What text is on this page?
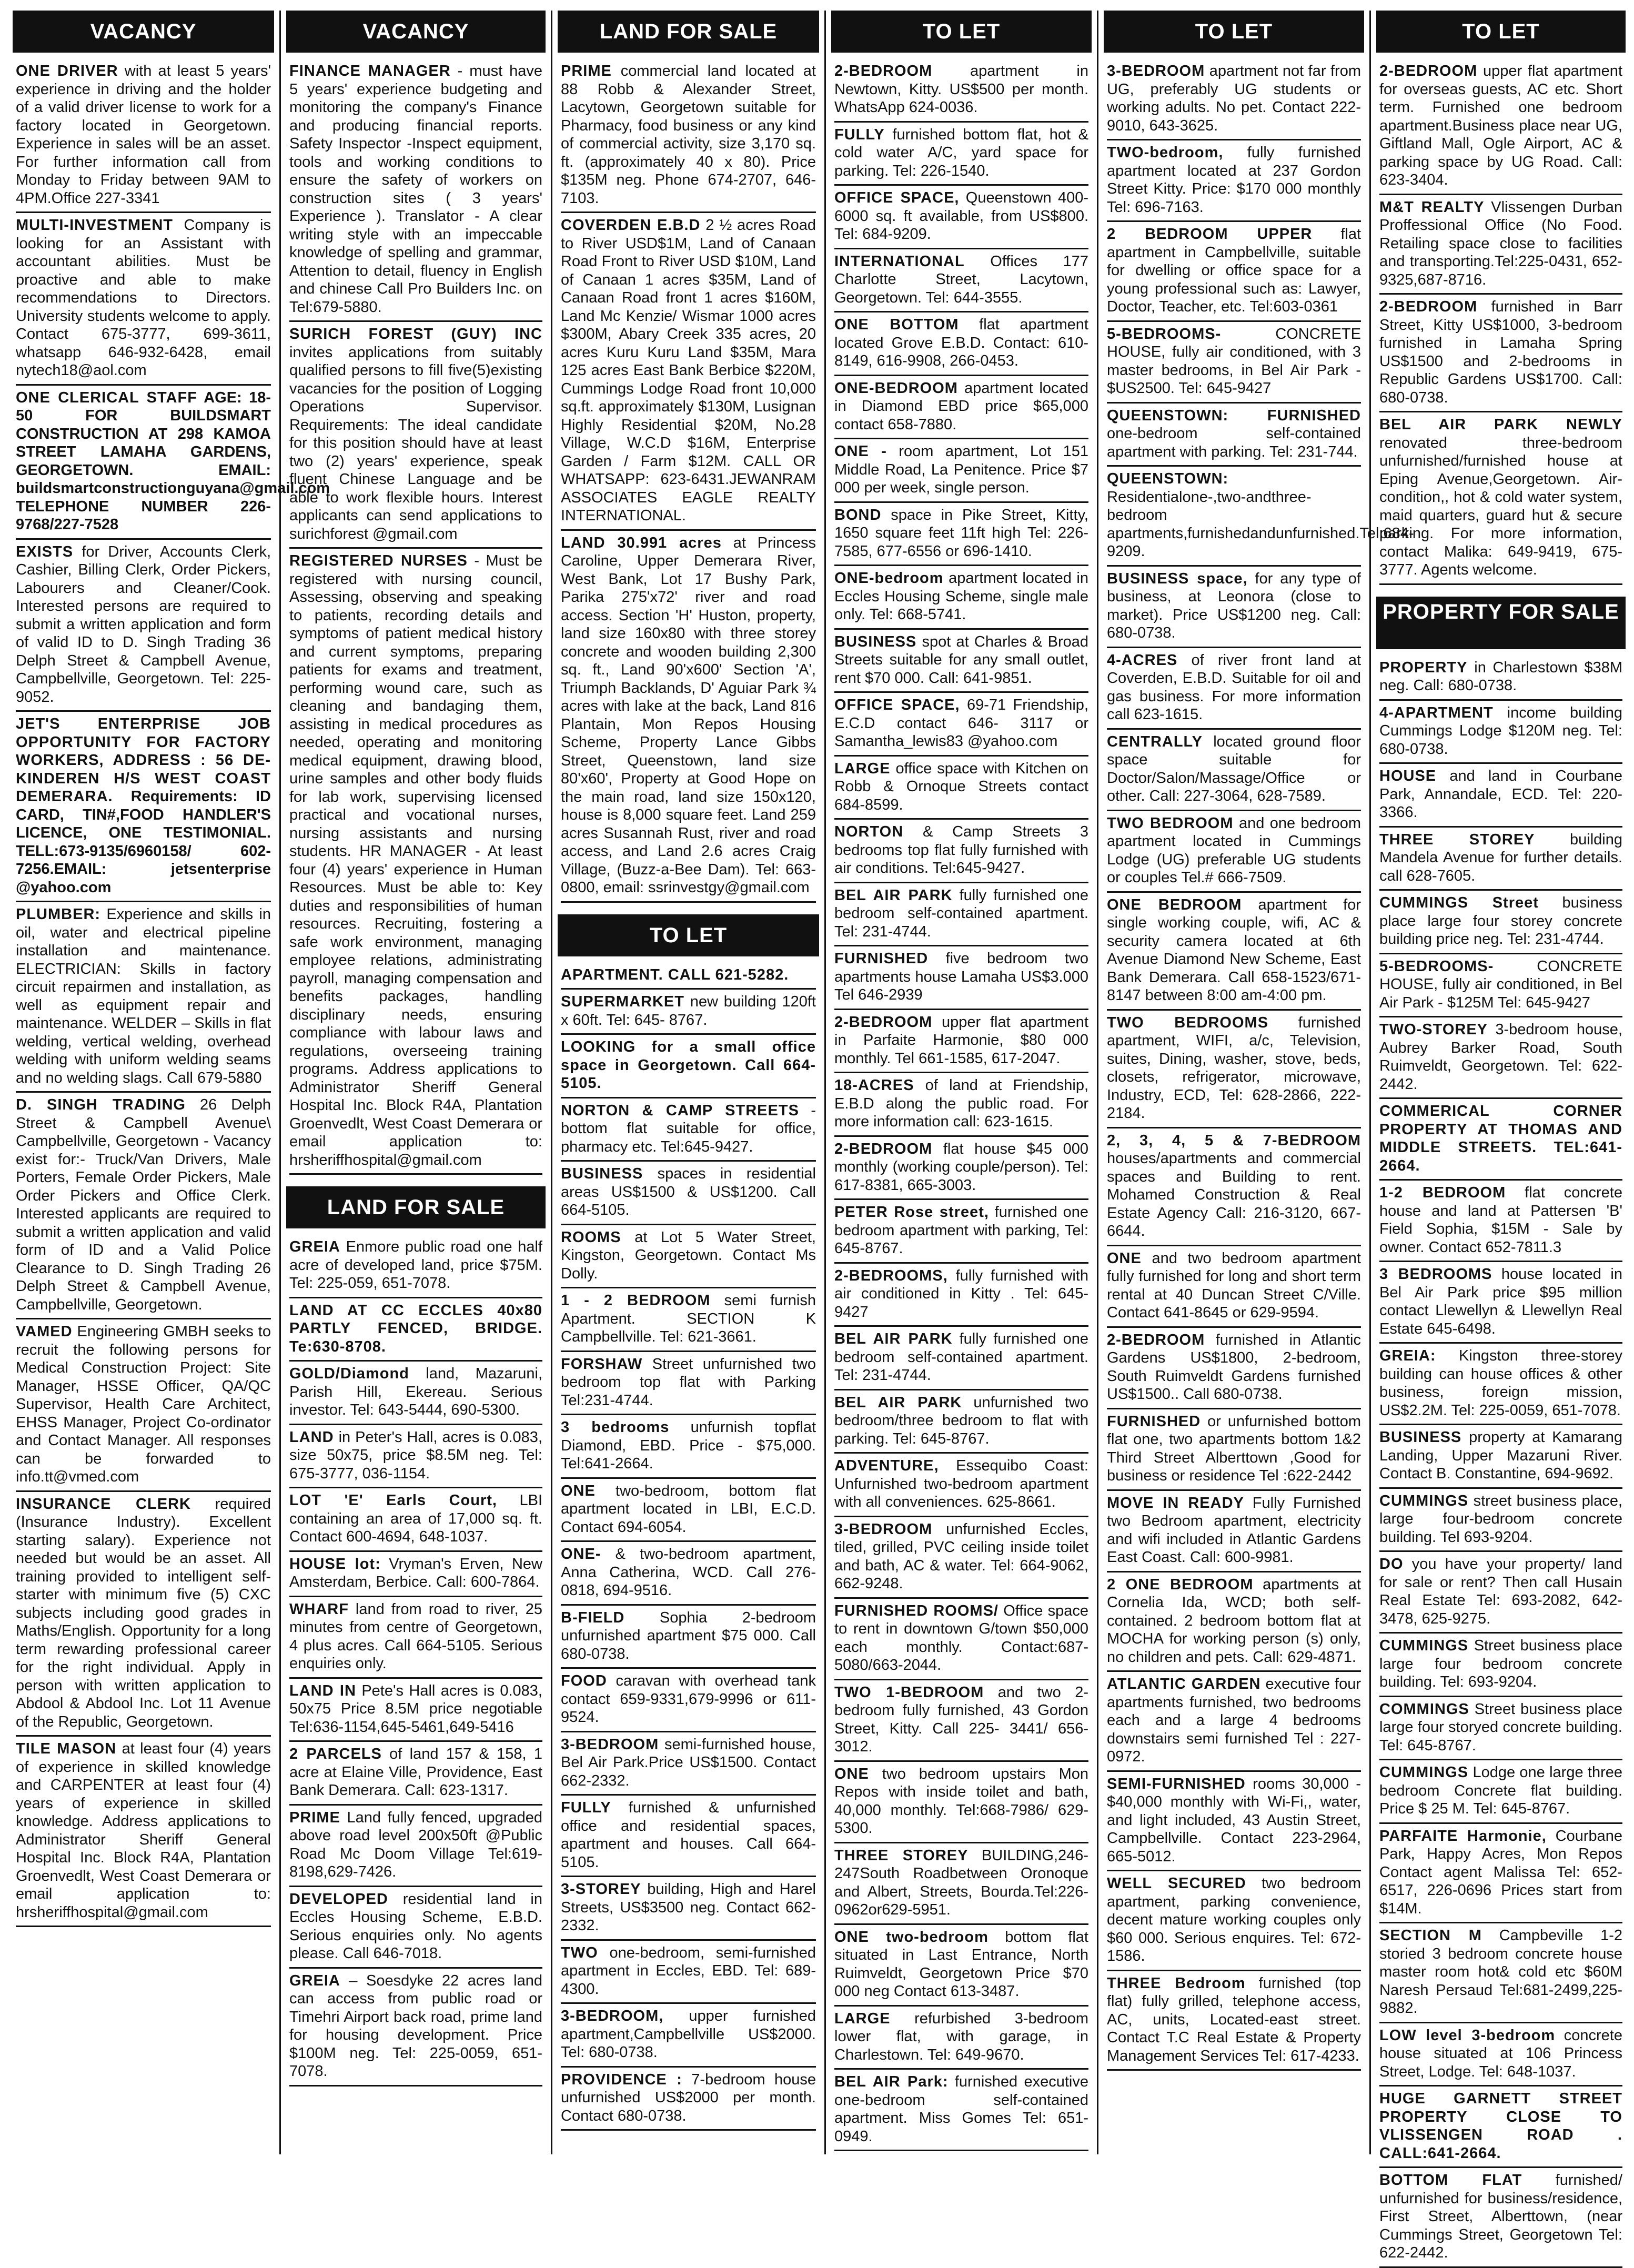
VACANCY
ONE DRIVER with at least 5 years' experience in driving and the holder of a valid driver license to work for a factory located in Georgetown. Experience in sales will be an asset. For further information call from Monday to Friday between 9AM to 4PM.Office 227-3341
MULTI-INVESTMENT Company is looking for an Assistant with accountant abilities. Must be proactive and able to make recommendations to Directors. University students welcome to apply. Contact 675-3777, 699-3611, whatsapp 646-932-6428, email nytech18@aol.com
ONE CLERICAL STAFF AGE: 18-50 FOR BUILDSMART CONSTRUCTION AT 298 KAMOA STREET LAMAHA GARDENS, GEORGETOWN. EMAIL: buildsmartconstructionguyana@gmail.com TELEPHONE NUMBER 226-9768/227-7528
EXISTS for Driver, Accounts Clerk, Cashier, Billing Clerk, Order Pickers, Labourers and Cleaner/Cook. Interested persons are required to submit a written application and form of valid ID to D. Singh Trading 36 Delph Street & Campbell Avenue, Campbellville, Georgetown. Tel: 225-9052.
JET'S ENTERPRISE JOB OPPORTUNITY FOR FACTORY WORKERS, ADDRESS : 56 DE-KINDEREN H/S WEST COAST DEMERARA. Requirements: ID CARD, TIN#,FOOD HANDLER'S LICENCE, ONE TESTIMONIAL. TELL:673-9135/6960158/ 602-7256.EMAIL: jetsenterprise @yahoo.com
PLUMBER: Experience and skills in oil, water and electrical pipeline installation and maintenance. ELECTRICIAN: Skills in factory circuit repairmen and installation, as well as equipment repair and maintenance. WELDER – Skills in flat welding, vertical welding, overhead welding with uniform welding seams and no welding slags. Call 679-5880
D. SINGH TRADING 26 Delph Street & Campbell Avenue\ Campbellville, Georgetown - Vacancy exist for:- Truck/Van Drivers, Male Porters, Female Order Pickers, Male Order Pickers and Office Clerk. Interested applicants are required to submit a written application and valid form of ID and a Valid Police Clearance to D. Singh Trading 26 Delph Street & Campbell Avenue, Campbellville, Georgetown.
VAMED Engineering GMBH seeks to recruit the following persons for Medical Construction Project: Site Manager, HSSE Officer, QA/QC Supervisor, Health Care Architect, EHSS Manager, Project Co-ordinator and Contact Manager. All responses can be forwarded to info.tt@vmed.com
INSURANCE CLERK required (Insurance Industry). Excellent starting salary). Experience not needed but would be an asset. All training provided to intelligent self-starter with minimum five (5) CXC subjects including good grades in Maths/English. Opportunity for a long term rewarding professional career for the right individual. Apply in person with written application to Abdool & Abdool Inc. Lot 11 Avenue of the Republic, Georgetown.
TILE MASON at least four (4) years of experience in skilled knowledge and CARPENTER at least four (4) years of experience in skilled knowledge. Address applications to Administrator Sheriff General Hospital Inc. Block R4A, Plantation Groenvedlt, West Coast Demerara or email application to: hrsheriffhospital@gmail.com
VACANCY
FINANCE MANAGER - must have 5 years' experience budgeting and monitoring the company's Finance and producing financial reports. Safety Inspector -Inspect equipment, tools and working conditions to ensure the safety of workers on construction sites ( 3 years' Experience ). Translator - A clear writing style with an impeccable knowledge of spelling and grammar, Attention to detail, fluency in English and chinese Call Pro Builders Inc. on Tel:679-5880.
SURICH FOREST (GUY) INC invites applications from suitably qualified persons to fill five(5)existing vacancies for the position of Logging Operations Supervisor. Requirements: The ideal candidate for this position should have at least two (2) years' experience, speak fluent Chinese Language and be able to work flexible hours. Interest applicants can send applications to surichforest @gmail.com
REGISTERED NURSES - Must be registered with nursing council, Assessing, observing and speaking to patients, recording details and symptoms of patient medical history and current symptoms, preparing patients for exams and treatment, performing wound care, such as cleaning and bandaging them, assisting in medical procedures as needed, operating and monitoring medical equipment, drawing blood, urine samples and other body fluids for lab work, supervising licensed practical and vocational nurses, nursing assistants and nursing students. HR MANAGER - At least four (4) years' experience in Human Resources. Must be able to: Key duties and responsibilities of human resources. Recruiting, fostering a safe work environment, managing employee relations, administrating payroll, managing compensation and benefits packages, handling disciplinary needs, ensuring compliance with labour laws and regulations, overseeing training programs. Address applications to Administrator Sheriff General Hospital Inc. Block R4A, Plantation Groenvedlt, West Coast Demerara or email application to: hrsheriffhospital@gmail.com
LAND FOR SALE
GREIA Enmore public road one half acre of developed land, price $75M. Tel: 225-059, 651-7078.
LAND AT CC ECCLES 40x80 PARTLY FENCED, BRIDGE. Te:630-8708.
GOLD/Diamond land, Mazaruni, Parish Hill, Ekereau. Serious investor. Tel: 643-5444, 690-5300.
LAND in Peter's Hall, acres is 0.083, size 50x75, price $8.5M neg. Tel: 675-3777, 036-1154.
LOT 'E' Earls Court, LBI containing an area of 17,000 sq. ft. Contact 600-4694, 648-1037.
HOUSE lot: Vryman's Erven, New Amsterdam, Berbice. Call: 600-7864.
WHARF land from road to river, 25 minutes from centre of Georgetown, 4 plus acres. Call 664-5105. Serious enquiries only.
LAND IN Pete's Hall acres is 0.083, 50x75 Price 8.5M price negotiable Tel:636-1154,645-5461,649-5416
2 PARCELS of land 157 & 158, 1 acre at Elaine Ville, Providence, East Bank Demerara. Call: 623-1317.
PRIME Land fully fenced, upgraded above road level 200x50ft @Public Road Mc Doom Village Tel:619-8198,629-7426.
DEVELOPED residential land in Eccles Housing Scheme, E.B.D. Serious enquiries only. No agents please. Call 646-7018.
GREIA – Soesdyke 22 acres land can access from public road or Timehri Airport back road, prime land for housing development. Price $100M neg. Tel: 225-0059, 651-7078.
LAND FOR SALE
PRIME commercial land located at 88 Robb & Alexander Street, Lacytown, Georgetown suitable for Pharmacy, food business or any kind of commercial activity, size 3,170 sq. ft. (approximately 40 x 80). Price $135M neg. Phone 674-2707, 646-7103.
COVERDEN E.B.D 2 ½ acres Road to River USD$1M, Land of Canaan Road Front to River USD $10M, Land of Canaan 1 acres $35M, Land of Canaan Road front 1 acres $160M, Land Mc Kenzie/ Wismar 1000 acres $300M, Abary Creek 335 acres, 20 acres Kuru Kuru Land $35M, Mara 125 acres East Bank Berbice $220M, Cummings Lodge Road front 10,000 sq.ft. approximately $130M, Lusignan Highly Residential $20M, No.28 Village, W.C.D $16M, Enterprise Garden / Farm $12M. CALL OR WHATSAPP: 623-6431.JEWANRAM ASSOCIATES EAGLE REALTY INTERNATIONAL.
LAND 30.991 acres at Princess Caroline, Upper Demerara River, West Bank, Lot 17 Bushy Park, Parika 275'x72' river and road access. Section 'H' Huston, property, land size 160x80 with three storey concrete and wooden building 2,300 sq. ft., Land 90'x600' Section 'A', Triumph Backlands, D' Aguiar Park ¾ acres with lake at the back, Land 816 Plantain, Mon Repos Housing Scheme, Property Lance Gibbs Street, Queenstown, land size 80'x60', Property at Good Hope on the main road, land size 150x120, house is 8,000 square feet. Land 259 acres Susannah Rust, river and road access, and Land 2.6 acres Craig Village, (Buzz-a-Bee Dam). Tel: 663-0800, email: ssrinvestgy@gmail.com
TO LET
APARTMENT. CALL 621-5282.
SUPERMARKET new building 120ft x 60ft. Tel: 645- 8767.
LOOKING for a small office space in Georgetown. Call 664-5105.
NORTON & CAMP STREETS - bottom flat suitable for office, pharmacy etc. Tel:645-9427.
BUSINESS spaces in residential areas US$1500 & US$1200. Call 664-5105.
ROOMS at Lot 5 Water Street, Kingston, Georgetown. Contact Ms Dolly.
1 - 2 BEDROOM semi furnish Apartment. SECTION K Campbellville. Tel: 621-3661.
FORSHAW Street unfurnished two bedroom top flat with Parking Tel:231-4744.
3 bedrooms unfurnish topflat Diamond, EBD. Price - $75,000. Tel:641-2664.
ONE two-bedroom, bottom flat apartment located in LBI, E.C.D. Contact 694-6054.
ONE- & two-bedroom apartment, Anna Catherina, WCD. Call 276-0818, 694-9516.
B-FIELD Sophia 2-bedroom unfurnished apartment $75 000. Call 680-0738.
FOOD caravan with overhead tank contact 659-9331,679-9996 or 611-9524.
3-BEDROOM semi-furnished house, Bel Air Park.Price US$1500. Contact 662-2332.
FULLY furnished & unfurnished office and residential spaces, apartment and houses. Call 664-5105.
3-STOREY building, High and Harel Streets, US$3500 neg. Contact 662-2332.
TWO one-bedroom, semi-furnished apartment in Eccles, EBD. Tel: 689-4300.
3-BEDROOM, upper furnished apartment,Campbellville US$2000. Tel: 680-0738.
PROVIDENCE : 7-bedroom house unfurnished US$2000 per month. Contact 680-0738.
TO LET
2-BEDROOM apartment in Newtown, Kitty. US$500 per month. WhatsApp 624-0036.
FULLY furnished bottom flat, hot & cold water A/C, yard space for parking. Tel: 226-1540.
OFFICE SPACE, Queenstown 400-6000 sq. ft available, from US$800. Tel: 684-9209.
INTERNATIONAL Offices 177 Charlotte Street, Lacytown, Georgetown. Tel: 644-3555.
ONE BOTTOM flat apartment located Grove E.B.D. Contact: 610-8149, 616-9908, 266-0453.
ONE-BEDROOM apartment located in Diamond EBD price $65,000 contact 658-7880.
ONE - room apartment, Lot 151 Middle Road, La Penitence. Price $7 000 per week, single person.
BOND space in Pike Street, Kitty, 1650 square feet 11ft high Tel: 226-7585, 677-6556 or 696-1410.
ONE-bedroom apartment located in Eccles Housing Scheme, single male only. Tel: 668-5741.
BUSINESS spot at Charles & Broad Streets suitable for any small outlet, rent $70 000. Call: 641-9851.
OFFICE SPACE, 69-71 Friendship, E.C.D contact 646- 3117 or Samantha_lewis83 @yahoo.com
LARGE office space with Kitchen on Robb & Ornoque Streets contact 684-8599.
NORTON & Camp Streets 3 bedrooms top flat fully furnished with air conditions. Tel:645-9427.
BEL AIR PARK fully furnished one bedroom self-contained apartment. Tel: 231-4744.
FURNISHED five bedroom two apartments house Lamaha US$3.000 Tel 646-2939
2-BEDROOM upper flat apartment in Parfaite Harmonie, $80 000 monthly. Tel 661-1585, 617-2047.
18-ACRES of land at Friendship, E.B.D along the public road. For more information call: 623-1615.
2-BEDROOM flat house $45 000 monthly (working couple/person). Tel: 617-8381, 665-3003.
PETER Rose street, furnished one bedroom apartment with parking, Tel: 645-8767.
2-BEDROOMS, fully furnished with air conditioned in Kitty . Tel: 645-9427
BEL AIR PARK fully furnished one bedroom self-contained apartment. Tel: 231-4744.
BEL AIR PARK unfurnished two bedroom/three bedroom to flat with parking. Tel: 645-8767.
ADVENTURE, Essequibo Coast: Unfurnished two-bedroom apartment with all conveniences. 625-8661.
3-BEDROOM unfurnished Eccles, tiled, grilled, PVC ceiling inside toilet and bath, AC & water. Tel: 664-9062, 662-9248.
FURNISHED ROOMS/ Office space to rent in downtown G/town $50,000 each monthly. Contact:687-5080/663-2044.
TWO 1-BEDROOM and two 2-bedroom fully furnished, 43 Gordon Street, Kitty. Call 225- 3441/ 656-3012.
ONE two bedroom upstairs Mon Repos with inside toilet and bath, 40,000 monthly. Tel:668-7986/ 629-5300.
THREE STOREY BUILDING,246-247South Roadbetween Oronoque and Albert, Streets, Bourda.Tel:226-0962or629-5951.
ONE two-bedroom bottom flat situated in Last Entrance, North Ruimveldt, Georgetown Price $70 000 neg Contact 613-3487.
LARGE refurbished 3-bedroom lower flat, with garage, in Charlestown. Tel: 649-9670.
BEL AIR Park: furnished executive one-bedroom self-contained apartment. Miss Gomes Tel: 651-0949.
TO LET
3-BEDROOM apartment not far from UG, preferably UG students or working adults. No pet. Contact 222-9010, 643-3625.
TWO-bedroom, fully furnished apartment located at 237 Gordon Street Kitty. Price: $170 000 monthly Tel: 696-7163.
2 BEDROOM UPPER flat apartment in Campbellville, suitable for dwelling or office space for a young professional such as: Lawyer, Doctor, Teacher, etc. Tel:603-0361
5-BEDROOMS-	CONCRETE HOUSE, fully air conditioned, with 3 master bedrooms, in Bel Air Park - $US2500. Tel: 645-9427
QUEENSTOWN: FURNISHED one-bedroom self-contained apartment with parking. Tel: 231-744.
QUEENSTOWN: Residentialone-,two-andthree-bedroom apartments,furnishedandunfurnished.Tel:684-9209.
BUSINESS space, for any type of business, at Leonora (close to market). Price US$1200 neg. Call: 680-0738.
4-ACRES of river front land at Coverden, E.B.D. Suitable for oil and gas business. For more information call 623-1615.
CENTRALLY located ground floor space suitable for Doctor/Salon/Massage/Office or other. Call: 227-3064, 628-7589.
TWO BEDROOM and one bedroom apartment located in Cummings Lodge (UG) preferable UG students or couples Tel.# 666-7509.
ONE BEDROOM apartment for single working couple, wifi, AC & security camera located at 6th Avenue Diamond New Scheme, East Bank Demerara. Call 658-1523/671-8147 between 8:00 am-4:00 pm.
TWO BEDROOMS furnished apartment, WIFI, a/c, Television, suites, Dining, washer, stove, beds, closets, refrigerator, microwave, Industry, ECD, Tel: 628-2866, 222-2184.
2, 3, 4, 5 & 7-BEDROOM houses/apartments and commercial spaces and Building to rent. Mohamed Construction & Real Estate Agency Call: 216-3120, 667-6644.
ONE and two bedroom apartment fully furnished for long and short term rental at 40 Duncan Street C/Ville. Contact 641-8645 or 629-9594.
2-BEDROOM furnished in Atlantic Gardens US$1800, 2-bedroom, South Ruimveldt Gardens furnished US$1500.. Call 680-0738.
FURNISHED or unfurnished bottom flat one, two apartments bottom 1&2 Third Street Alberttown ,Good for business or residence Tel :622-2442
MOVE IN READY Fully Furnished two Bedroom apartment, electricity and wifi included in Atlantic Gardens East Coast. Call: 600-9981.
2 ONE BEDROOM apartments at Cornelia Ida, WCD; both self-contained. 2 bedroom bottom flat at MOCHA for working person (s) only, no children and pets. Call: 629-4871.
ATLANTIC GARDEN executive four apartments furnished, two bedrooms each and a large 4 bedrooms downstairs semi furnished Tel : 227-0972.
SEMI-FURNISHED rooms 30,000 - $40,000 monthly with Wi-Fi,, water, and light included, 43 Austin Street, Campbellville. Contact 223-2964, 665-5012.
WELL SECURED two bedroom apartment, parking convenience, decent mature working couples only $60 000. Serious enquires. Tel: 672-1586.
THREE Bedroom furnished (top flat) fully grilled, telephone access, AC, units, Located-east street. Contact T.C Real Estate & Property Management Services Tel: 617-4233.
TO LET
2-BEDROOM upper flat apartment for overseas guests, AC etc. Short term. Furnished one bedroom apartment.Business place near UG, Giftland Mall, Ogle Airport, AC & parking space by UG Road. Call: 623-3404.
M&T REALTY Vlissengen Durban Proffessional Office (No Food. Retailing space close to facilities and transporting.Tel:225-0431, 652-9325,687-8716.
2-BEDROOM furnished in Barr Street, Kitty US$1000, 3-bedroom furnished in Lamaha Spring US$1500 and 2-bedrooms in Republic Gardens US$1700. Call: 680-0738.
BEL AIR PARK NEWLY renovated three-bedroom unfurnished/furnished house at Eping Avenue,Georgetown. Air-condition,, hot & cold water system, maid quarters, guard hut & secure parking. For more information, contact Malika: 649-9419, 675-3777. Agents welcome.
PROPERTY FOR SALE
PROPERTY in Charlestown $38M neg. Call: 680-0738.
4-APARTMENT income building Cummings Lodge $120M neg. Tel: 680-0738.
HOUSE and land in Courbane Park, Annandale, ECD. Tel: 220-3366.
THREE STOREY building Mandela Avenue for further details. call 628-7605.
CUMMINGS Street business place large four storey concrete building price neg. Tel: 231-4744.
5-BEDROOMS-	CONCRETE HOUSE, fully air conditioned, in Bel Air Park - $125M Tel: 645-9427
TWO-STOREY 3-bedroom house, Aubrey Barker Road, South Ruimveldt, Georgetown. Tel: 622-2442.
COMMERICAL CORNER PROPERTY AT THOMAS AND MIDDLE STREETS. TEL:641-2664.
1-2 BEDROOM flat concrete house and land at Pattersen 'B' Field Sophia, $15M - Sale by owner. Contact 652-7811.3
3 BEDROOMS house located in Bel Air Park price $95 million contact Llewellyn & Llewellyn Real Estate 645-6498.
GREIA: Kingston three-storey building can house offices & other business, foreign mission, US$2.2M. Tel: 225-0059, 651-7078.
BUSINESS property at Kamarang Landing, Upper Mazaruni River. Contact B. Constantine, 694-9692.
CUMMINGS street business place, large four-bedroom concrete building. Tel 693-9204.
DO you have your property/ land for sale or rent? Then call Husain Real Estate Tel: 693-2082, 642-3478, 625-9275.
CUMMINGS Street business place large four bedroom concrete building. Tel: 693-9204.
COMMINGS Street business place large four storyed concrete building. Tel: 645-8767.
CUMMINGS Lodge one large three bedroom Concrete flat building. Price $ 25 M. Tel: 645-8767.
PARFAITE Harmonie, Courbane Park, Happy Acres, Mon Repos Contact agent Malissa Tel: 652-6517, 226-0696 Prices start from $14M.
SECTION M Campbeville 1-2 storied 3 bedroom concrete house master room hot& cold etc $60M Naresh Persaud Tel:681-2499,225-9882.
LOW level 3-bedroom concrete house situated at 106 Princess Street, Lodge. Tel: 648-1037.
HUGE GARNETT STREET PROPERTY CLOSE TO VLISSENGEN ROAD . CALL:641-2664.
BOTTOM FLAT furnished/ unfurnished for business/residence, First Street, Alberttown, (near Cummings Street, Georgetown Tel: 622-2442.
